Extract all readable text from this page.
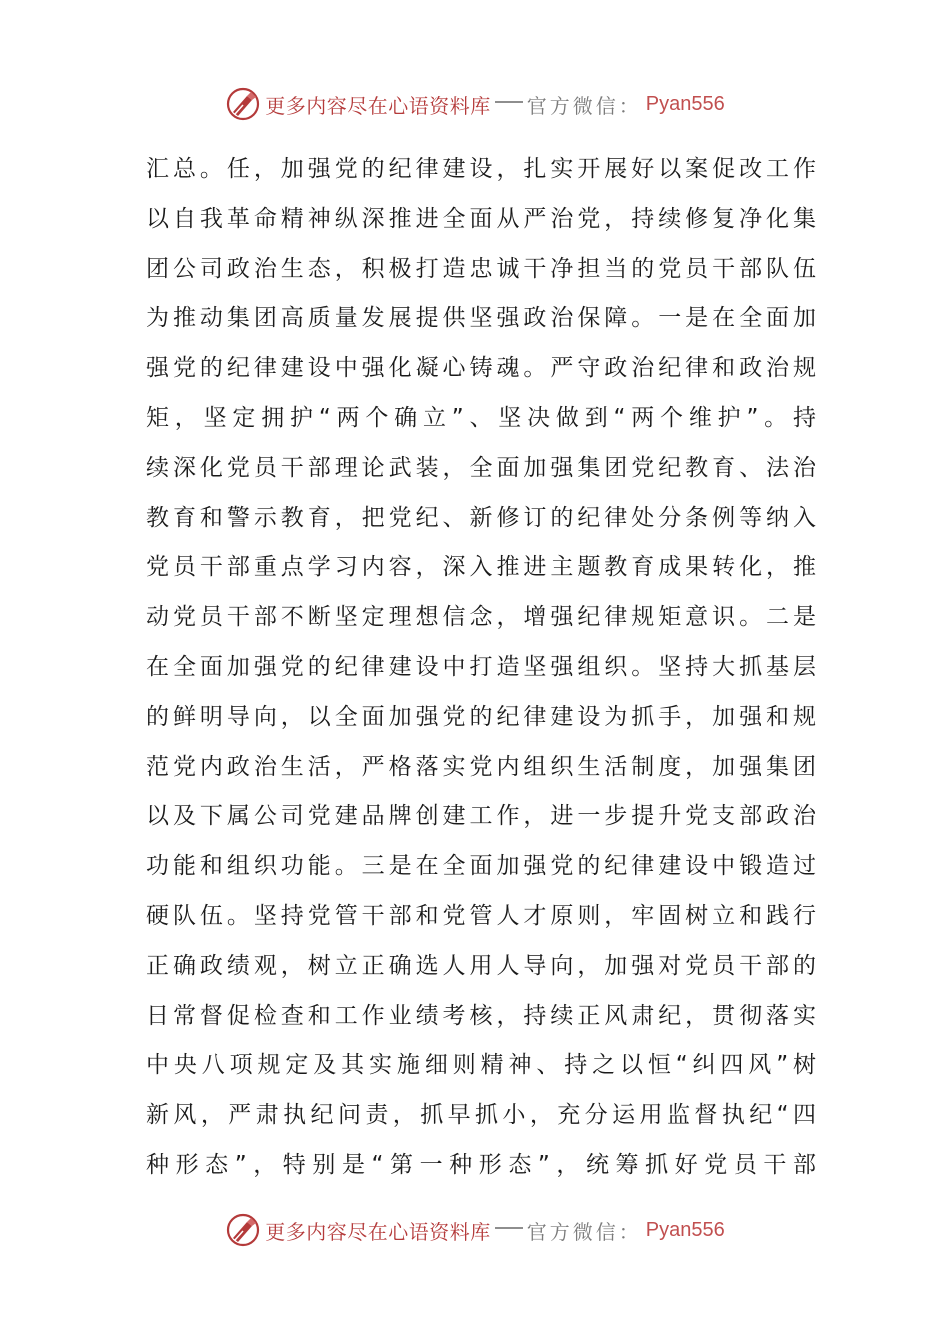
更多内容尽在心语资料库 官方微信： Pyan556
汇总。任，加强党的纪律建设，扎实开展好以案促改工作
以自我革命精神纵深推进全面从严治党，持续修复净化集
团公司政治生态，积极打造忠诚干净担当的党员干部队伍
为推动集团高质量发展提供坚强政治保障。一是在全面加
强党的纪律建设中强化凝心铸魂。严守政治纪律和政治规
矩，坚定拥护“两个确立”、坚决做到“两个维护”。持
续深化党员干部理论武装，全面加强集团党纪教育、法治
教育和警示教育，把党纪、新修订的纪律处分条例等纳入
党员干部重点学习内容，深入推进主题教育成果转化，推
动党员干部不断坚定理想信念，增强纪律规矩意识。二是
在全面加强党的纪律建设中打造坚强组织。坚持大抓基层
的鲜明导向，以全面加强党的纪律建设为抓手，加强和规
范党内政治生活，严格落实党内组织生活制度，加强集团
以及下属公司党建品牌创建工作，进一步提升党支部政治
功能和组织功能。三是在全面加强党的纪律建设中锻造过
硬队伍。坚持党管干部和党管人才原则，牢固树立和践行
正确政绩观，树立正确选人用人导向，加强对党员干部的
日常督促检查和工作业绩考核，持续正风肃纪，贯彻落实
中央八项规定及其实施细则精神、持之以恒“纠四风”树
新风，严肃执纪问责，抓早抓小，充分运用监督执纪“四
种形态”，特别是“第一种形态”，统筹抓好党员干部
更多内容尽在心语资料库 官方微信： Pyan556
